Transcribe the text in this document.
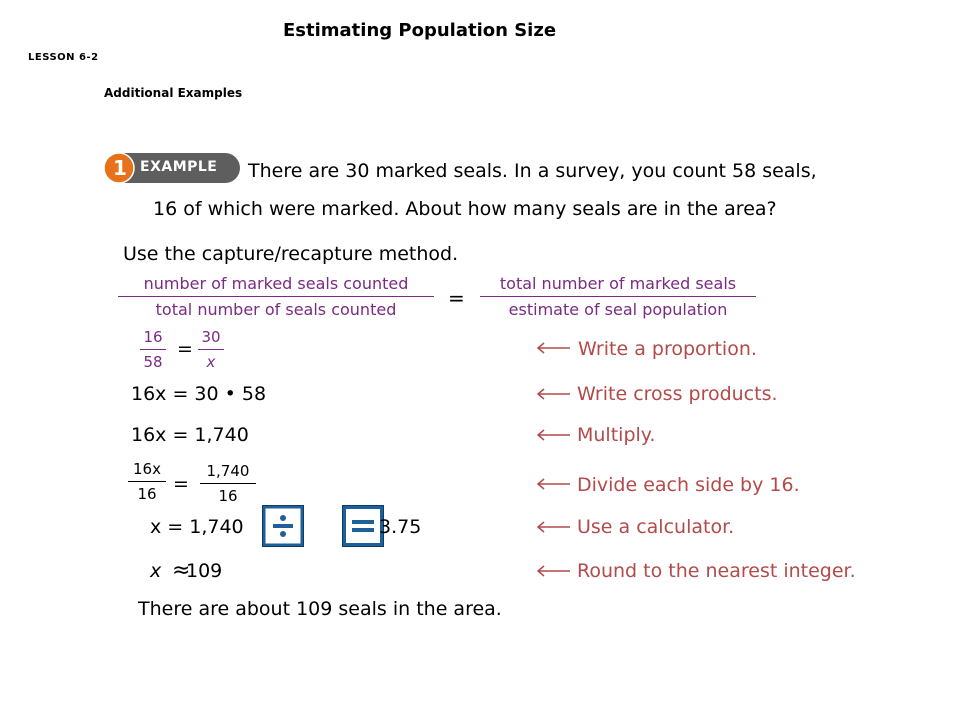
Estimating Population Size
LESSON 6-2
Additional Examples
1 EXAMPLE There are 30 marked seals. In a survey, you count 58 seals,
16 of which were marked. About how many seals are in the area?
Use the capture/recapture method.
number of marked seals counted
total number of seals counted	=
total number of marked seals
estimate of seal population
16
58
=
30
x
16x = 30 • 58
16x = 1,740
16x
16 =
1,740
16
x = 1,740	3.75
x ≈
109
There are about 109 seals in the area.
Write a proportion.
Write cross products.
Multiply.
Divide each side by 16.
Use a calculator.
Round to the nearest integer.
